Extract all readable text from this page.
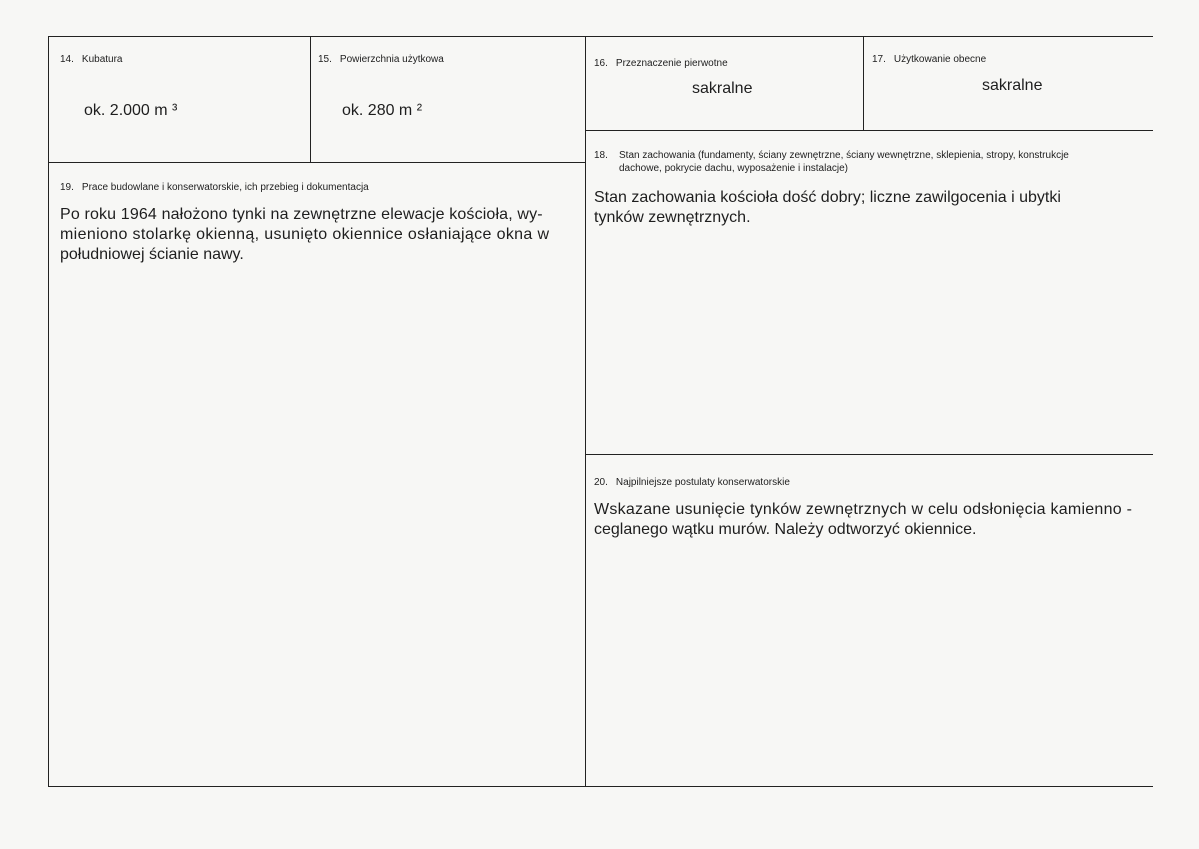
14. Kubatura
ok. 2.000 m ³
15. Powierzchnia użytkowa
ok. 280 m ²
16. Przeznaczenie pierwotne
sakralne
17. Użytkowanie obecne
sakralne
18. Stan zachowania (fundamenty, ściany zewnętrzne, ściany wewnętrzne, sklepienia, stropy, konstrukcje
dachowe, pokrycie dachu, wyposażenie i instalacje)
Stan zachowania kościoła dość dobry; liczne zawilgocenia i ubytki
tynków zewnętrznych.
19. Prace budowlane i konserwatorskie, ich przebieg i dokumentacja
Po roku 1964 nałożono tynki na zewnętrzne elewacje kościoła, wy-
mieniono stolarkę okienną, usunięto okiennice osłaniające okna w
południowej ścianie nawy.
20. Najpilniejsze postulaty konserwatorskie
Wskazane usunięcie tynków zewnętrznych w celu odsłonięcia kamienno -
ceglanego wątku murów. Należy odtworzyć okiennice.
